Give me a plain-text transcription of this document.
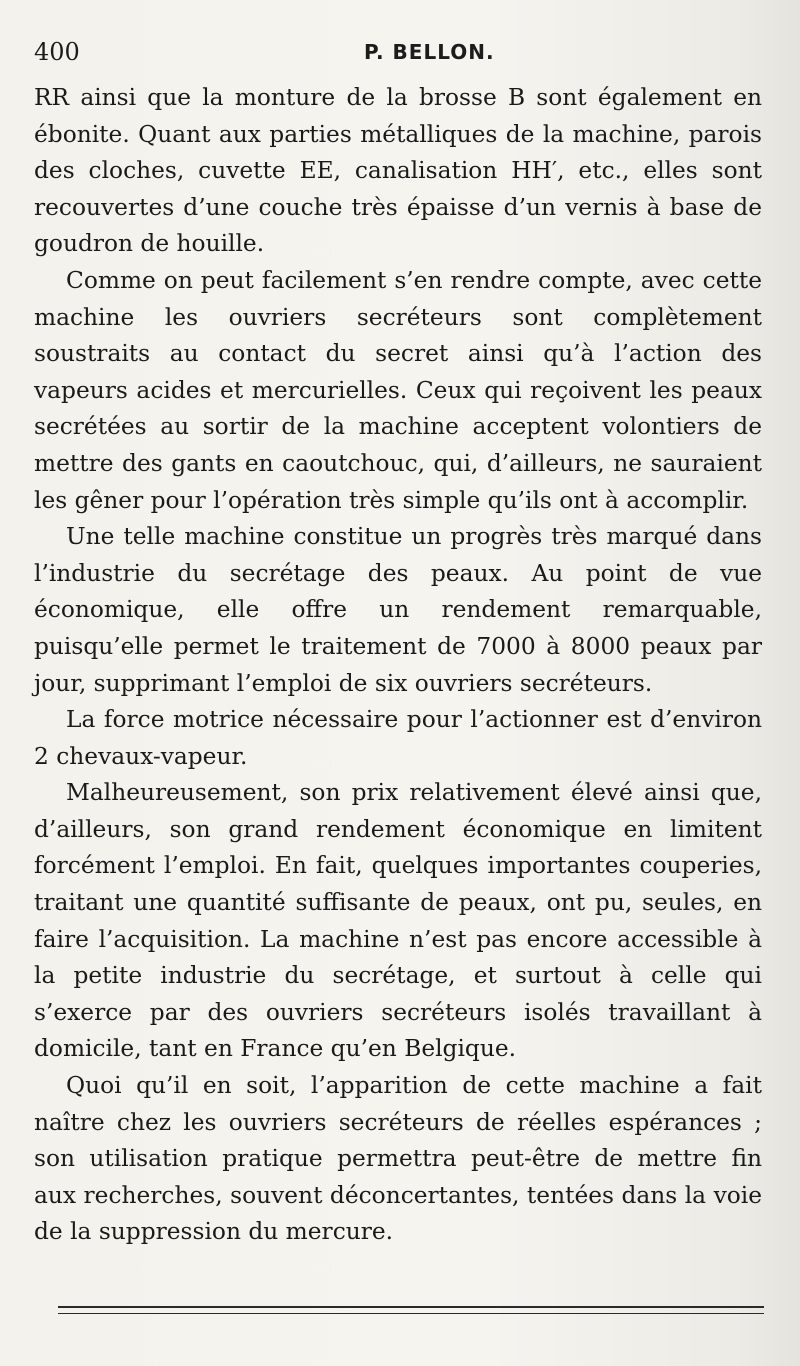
400	P. BELLON.

RR ainsi que la monture de la brosse B sont également en ébonite. Quant aux parties métalliques de la machine, parois des cloches, cuvette EE, canalisation HH′, etc., elles sont recouvertes d’une couche très épaisse d’un vernis à base de goudron de houille.

Comme on peut facilement s’en rendre compte, avec cette machine les ouvriers secréteurs sont complètement soustraits au contact du secret ainsi qu’à l’action des vapeurs acides et mercurielles. Ceux qui reçoivent les peaux secrétées au sortir de la machine acceptent volontiers de mettre des gants en caoutchouc, qui, d’ailleurs, ne sauraient les gêner pour l’opération très simple qu’ils ont à accomplir.

Une telle machine constitue un progrès très marqué dans l’industrie du secrétage des peaux. Au point de vue économique, elle offre un rendement remarquable, puisqu’elle permet le traitement de 7000 à 8000 peaux par jour, supprimant l’emploi de six ouvriers secréteurs.

La force motrice nécessaire pour l’actionner est d’environ 2 chevaux-vapeur.

Malheureusement, son prix relativement élevé ainsi que, d’ailleurs, son grand rendement économique en limitent forcément l’emploi. En fait, quelques importantes couperies, traitant une quantité suffisante de peaux, ont pu, seules, en faire l’acquisition. La machine n’est pas encore accessible à la petite industrie du secrétage, et surtout à celle qui s’exerce par des ouvriers secréteurs isolés travaillant à domicile, tant en France qu’en Belgique.

Quoi qu’il en soit, l’apparition de cette machine a fait naître chez les ouvriers secréteurs de réelles espérances ; son utilisation pratique permettra peut-être de mettre fin aux recherches, souvent déconcertantes, tentées dans la voie de la suppression du mercure.
